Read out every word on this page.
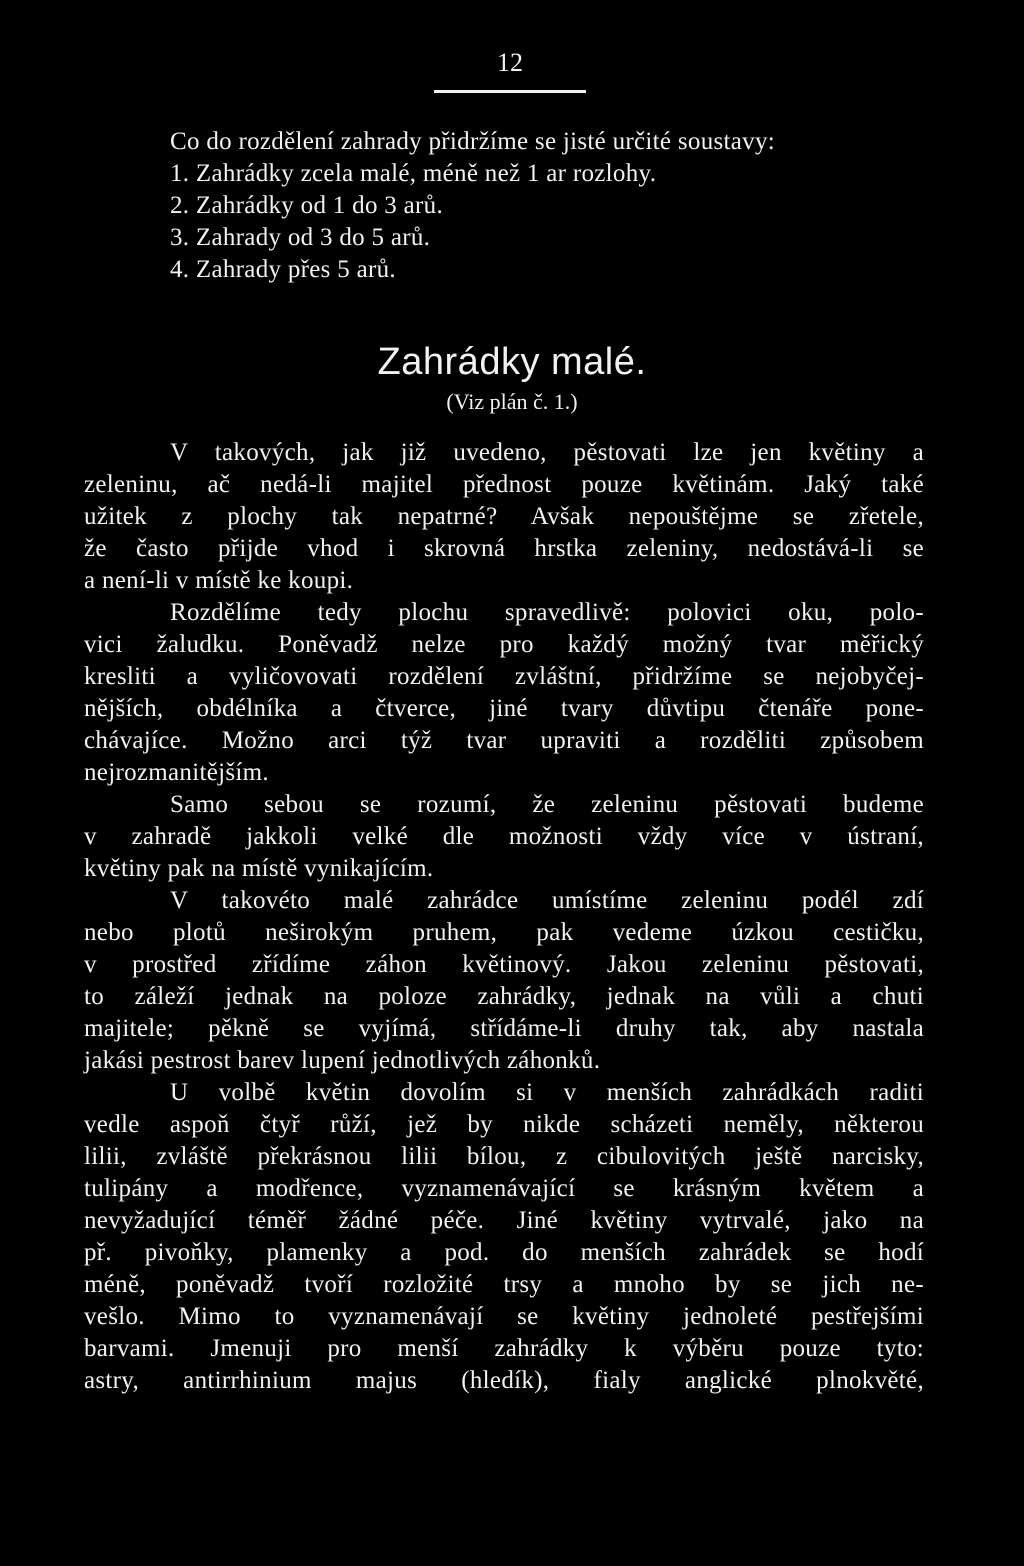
12
Co do rozdělení zahrady přidržíme se jisté určité soustavy:
1. Zahrádky zcela malé, méně než 1 ar rozlohy.
2. Zahrádky od 1 do 3 arů.
3. Zahrady od 3 do 5 arů.
4. Zahrady přes 5 arů.
Zahrádky malé.
(Viz plán č. 1.)
V takových, jak již uvedeno, pěstovati lze jen květiny a
zeleninu, ač nedá-li majitel přednost pouze květinám. Jaký také
užitek z plochy tak nepatrné? Avšak nepouštějme se zřetele,
že často přijde vhod i skrovná hrstka zeleniny, nedostává-li se
a není-li v místě ke koupi.
Rozdělíme tedy plochu spravedlivě: polovici oku, polo-
vici žaludku. Poněvadž nelze pro každý možný tvar měřický
kresliti a vyličovovati rozdělení zvláštní, přidržíme se nejobyčej-
nějších, obdélníka a čtverce, jiné tvary důvtipu čtenáře pone-
chávajíce. Možno arci týž tvar upraviti a rozděliti způsobem
nejrozmanitějším.
Samo sebou se rozumí, že zeleninu pěstovati budeme
v zahradě jakkoli velké dle možnosti vždy více v ústraní,
květiny pak na místě vynikajícím.
V takovéto malé zahrádce umístíme zeleninu podél zdí
nebo plotů neširokým pruhem, pak vedeme úzkou cestičku,
v prostřed zřídíme záhon květinový. Jakou zeleninu pěstovati,
to záleží jednak na poloze zahrádky, jednak na vůli a chuti
majitele; pěkně se vyjímá, střídáme-li druhy tak, aby nastala
jakási pestrost barev lupení jednotlivých záhonků.
U volbě květin dovolím si v menších zahrádkách raditi
vedle aspoň čtyř růží, jež by nikde scházeti neměly, některou
lilii, zvláště překrásnou lilii bílou, z cibulovitých ještě narcisky,
tulipány a modřence, vyznamenávající se krásným květem a
nevyžadující téměř žádné péče. Jiné květiny vytrvalé, jako na
př. pivoňky, plamenky a pod. do menších zahrádek se hodí
méně, poněvadž tvoří rozložité trsy a mnoho by se jich ne-
vešlo. Mimo to vyznamenávají se květiny jednoleté pestřejšími
barvami. Jmenuji pro menší zahrádky k výběru pouze tyto:
astry, antirrhinium majus (hledík), fialy anglické plnokvěté,
